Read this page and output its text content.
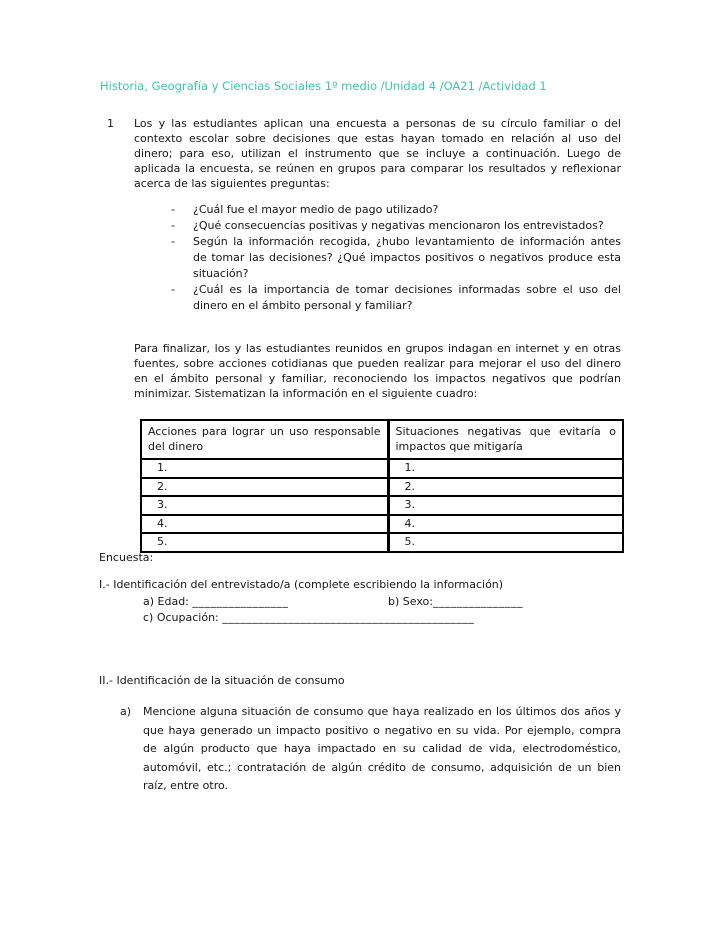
Historia, Geografía y Ciencias Sociales 1º medio /Unidad 4 /OA21 /Actividad 1
1	Los y las estudiantes aplican una encuesta a personas de su círculo familiar o del contexto escolar sobre decisiones que estas hayan tomado en relación al uso del dinero; para eso, utilizan el instrumento que se incluye a continuación. Luego de aplicada la encuesta, se reúnen en grupos para comparar los resultados y reflexionar acerca de las siguientes preguntas:
-	¿Cuál fue el mayor medio de pago utilizado?
-	¿Qué consecuencias positivas y negativas mencionaron los entrevistados?
-	Según la información recogida, ¿hubo levantamiento de información antes de tomar las decisiones? ¿Qué impactos positivos o negativos produce esta situación?
-	¿Cuál es la importancia de tomar decisiones informadas sobre el uso del dinero en el ámbito personal y familiar?
Para finalizar, los y las estudiantes reunidos en grupos indagan en internet y en otras fuentes, sobre acciones cotidianas que pueden realizar para mejorar el uso del dinero en el ámbito personal y familiar, reconociendo los impactos negativos que podrían minimizar. Sistematizan la información en el siguiente cuadro:
Acciones para lograr un uso responsable del dinero	Situaciones negativas que evitaría o impactos que mitigaría
1.	1.
2.	2.
3.	3.
4.	4.
5.	5.
Encuesta:
I.- Identificación del entrevistado/a (complete escribiendo la información)
a) Edad: ________________	b) Sexo:_______________
c) Ocupación: __________________________________________
II.- Identificación de la situación de consumo
a)	Mencione alguna situación de consumo que haya realizado en los últimos dos años y que haya generado un impacto positivo o negativo en su vida. Por ejemplo, compra de algún producto que haya impactado en su calidad de vida, electrodoméstico, automóvil, etc.; contratación de algún crédito de consumo, adquisición de un bien raíz, entre otro.
